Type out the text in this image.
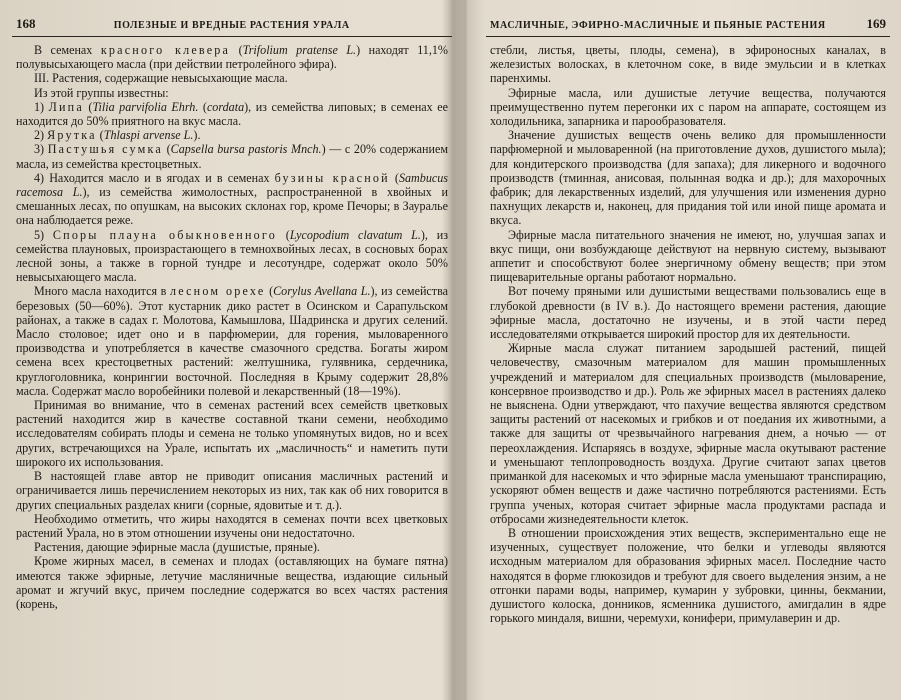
168	ПОЛЕЗНЫЕ И ВРЕДНЫЕ РАСТЕНИЯ УРАЛА

В семенах красного клевера (Trifolium pratense L.) находят 11,1% полувысыхающего масла (при действии петролейного эфира).

III. Растения, содержащие невысыхающие масла.

Из этой группы известны:

1) Липа (Tilia parvifolia Ehrh. (cordata), из семейства липовых; в семенах ее находится до 50% приятного на вкус масла.

2) Ярутка (Thlaspi arvense L.).

3) Пастушья сумка (Capsella bursa pastoris Mnch.) — с 20% содержанием масла, из семейства крестоцветных.

4) Находится масло и в ягодах и в семенах бузины красной (Sambucus racemosa L.), из семейства жимолостных, распространенной в хвойных и смешанных лесах, по опушкам, на высоких склонах гор, кроме Печоры; в Зауралье она наблюдается реже.

5) Споры плауна обыкновенного (Lycopodium clavatum L.), из семейства плауновых, произрастающего в темнохвойных лесах, в сосновых борах лесной зоны, а также в горной тундре и лесотундре, содержат около 50% невысыхающего масла.

Много масла находится в лесном орехе (Corylus Avellana L.), из семейства березовых (50—60%). Этот кустарник дико растет в Осинском и Сарапульском районах, а также в садах г. Молотова, Камышлова, Шадринска и других селений. Масло столовое; идет оно и в парфюмерии, для горения, мыловаренного производства и употребляется в качестве смазочного средства. Богаты жиром семена всех крестоцветных растений: желтушника, гулявника, сердечника, круглоголовника, конрингии восточной. Последняя в Крыму содержит 28,8% масла. Содержат масло воробейники полевой и лекарственный (18—19%).

Принимая во внимание, что в семенах растений всех семейств цветковых растений находится жир в качестве составной ткани семени, необходимо исследователям собирать плоды и семена не только упомянутых видов, но и всех других, встречающихся на Урале, испытать их „масличность“ и наметить пути широкого их использования.

В настоящей главе автор не приводит описания масличных растений и ограничивается лишь перечислением некоторых из них, так как об них говорится в других специальных разделах книги (сорные, ядовитые и т. д.).

Необходимо отметить, что жиры находятся в семенах почти всех цветковых растений Урала, но в этом отношении изучены они недостаточно.

Растения, дающие эфирные масла (душистые, пряные).

Кроме жирных масел, в семенах и плодах (оставляющих на бумаге пятна) имеются также эфирные, летучие масляничные вещества, издающие сильный аромат и жгучий вкус, причем последние содержатся во всех частях растения (корень,

МАСЛИЧНЫЕ, ЭФИРНО-МАСЛИЧНЫЕ И ПЬЯНЫЕ РАСТЕНИЯ	169

стебли, листья, цветы, плоды, семена), в эфироносных каналах, в железистых волосках, в клеточном соке, в виде эмульсии и в клетках паренхимы.

Эфирные масла, или душистые летучие вещества, получаются преимущественно путем перегонки их с паром на аппарате, состоящем из холодильника, запарника и парообразователя.

Значение душистых веществ очень велико для промышленности парфюмерной и мыловаренной (на приготовление духов, душистого мыла); для кондитерского производства (для запаха); для ликерного и водочного производств (тминная, анисовая, полынная водка и др.); для махорочных фабрик; для лекарственных изделий, для улучшения или изменения дурно пахнущих лекарств и, наконец, для придания той или иной пище аромата и вкуса.

Эфирные масла питательного значения не имеют, но, улучшая запах и вкус пищи, они возбуждающе действуют на нервную систему, вызывают аппетит и способствуют более энергичному обмену веществ; при этом пищеварительные органы работают нормально.

Вот почему пряными или душистыми веществами пользовались еще в глубокой древности (в IV в.). До настоящего времени растения, дающие эфирные масла, достаточно не изучены, и в этой части перед исследователями открывается широкий простор для их деятельности.

Жирные масла служат питанием зародышей растений, пищей человечеству, смазочным материалом для машин промышленных учреждений и материалом для специальных производств (мыловарение, консервное производство и др.). Роль же эфирных масел в растениях далеко не выяснена. Одни утверждают, что пахучие вещества являются средством защиты растений от насекомых и грибков и от поедания их животными, а также для защиты от чрезвычайного нагревания днем, а ночью — от переохлаждения. Испаряясь в воздухе, эфирные масла окутывают растение и уменьшают теплопроводность воздуха. Другие считают запах цветов приманкой для насекомых и что эфирные масла уменьшают транспирацию, ускоряют обмен веществ и даже частично потребляются растениями. Есть группа ученых, которая считает эфирные масла продуктами распада и отбросами жизнедеятельности клеток.

В отношении происхождения этих веществ, экспериментально еще не изученных, существует положение, что белки и углеводы являются исходным материалом для образования эфирных масел. Последние часто находятся в форме глюкозидов и требуют для своего выделения энзим, а не отгонки парами воды, например, кумарин у зубровки, цинны, бекмании, душистого колоска, донников, ясменника душистого, амигдалин в ядре горького миндаля, вишни, черемухи, конифери, примулаверин и др.
